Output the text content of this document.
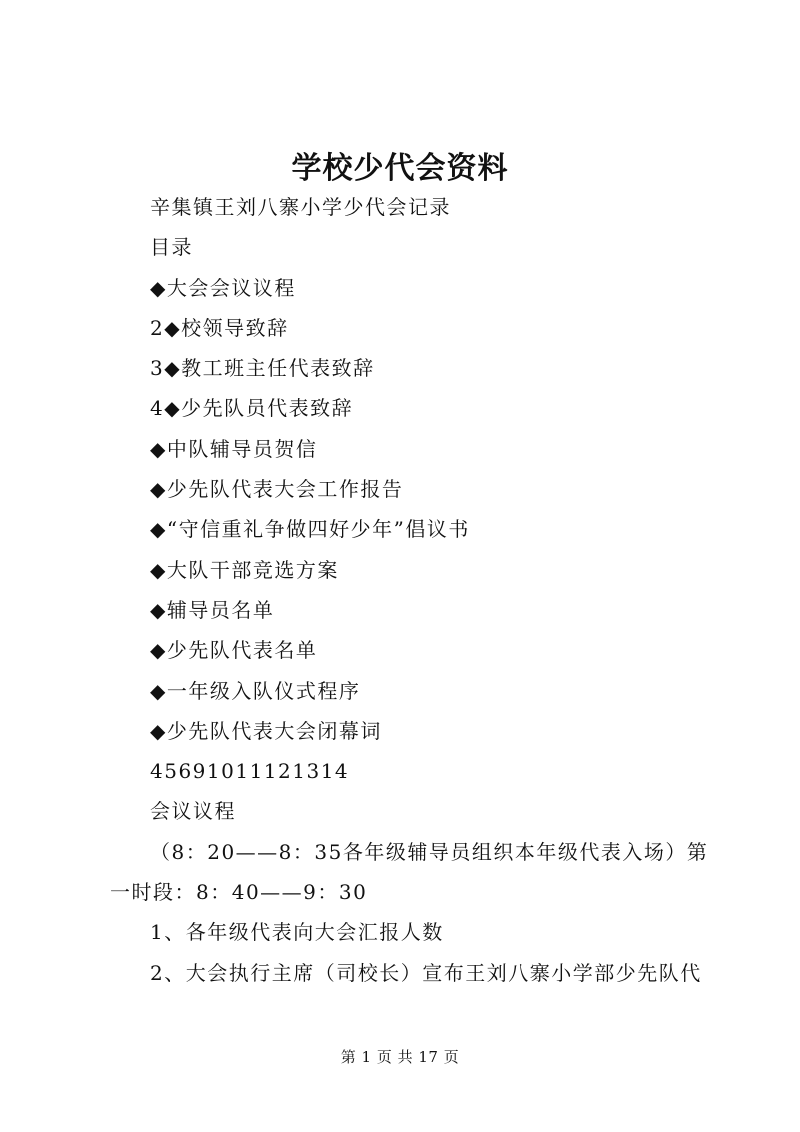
学校少代会资料
辛集镇王刘八寨小学少代会记录
目录
◆大会会议议程
2◆校领导致辞
3◆教工班主任代表致辞
4◆少先队员代表致辞
◆中队辅导员贺信
◆少先队代表大会工作报告
◆“守信重礼争做四好少年”倡议书
◆大队干部竞选方案
◆辅导员名单
◆少先队代表名单
◆一年级入队仪式程序
◆少先队代表大会闭幕词
45691011121314
会议议程
（8：20——8：35各年级辅导员组织本年级代表入场）第一时段：8：40——9：30
1、各年级代表向大会汇报人数
2、大会执行主席（司校长）宣布王刘八寨小学部少先队代
第 1 页 共 17 页
